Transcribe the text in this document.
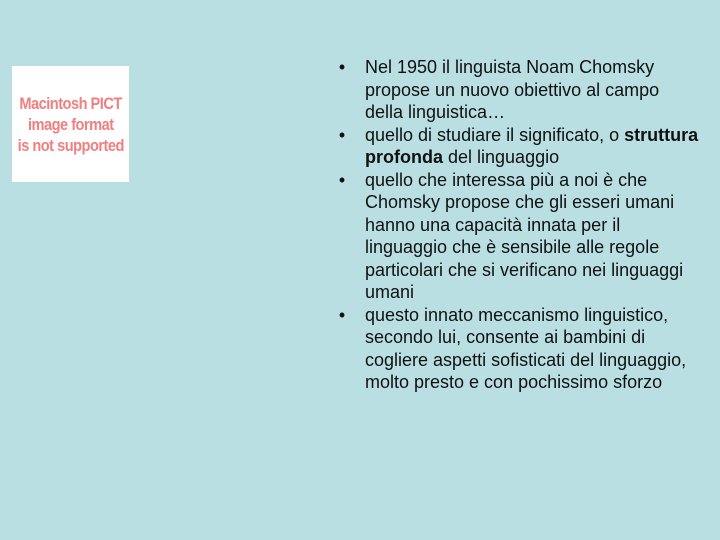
Macintosh PICT
image format
is not supported
• Nel 1950 il linguista Noam Chomsky propose un nuovo obiettivo al campo della linguistica…
• quello di studiare il significato, o struttura profonda del linguaggio
• quello che interessa più a noi è che Chomsky propose che gli esseri umani hanno una capacità innata per il linguaggio che è sensibile alle regole particolari che si verificano nei linguaggi umani
• questo innato meccanismo linguistico, secondo lui, consente ai bambini di cogliere aspetti sofisticati del linguaggio, molto presto e con pochissimo sforzo
